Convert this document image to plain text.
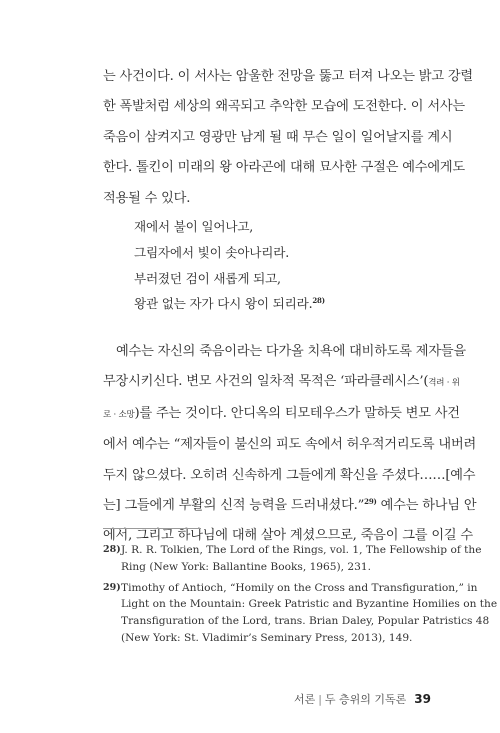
는 사건이다. 이 서사는 암울한 전망을 뚫고 터져 나오는 밝고 강렬
한 폭발처럼 세상의 왜곡되고 추악한 모습에 도전한다. 이 서사는
죽음이 삼켜지고 영광만 남게 될 때 무슨 일이 일어날지를 계시
한다. 톨킨이 미래의 왕 아라곤에 대해 묘사한 구절은 예수에게도
적용될 수 있다.
재에서 불이 일어나고,
그림자에서 빛이 솟아나리라.
부러졌던 검이 새롭게 되고,
왕관 없는 자가 다시 왕이 되리라.$^{28)}$
 예수는 자신의 죽음이라는 다가올 치욕에 대비하도록 제자들을
무장시키신다. 변모 사건의 일차적 목적은 ‘파라클레시스’(격려 · 위
로 · 소망)를 주는 것이다. 안디옥의 티모테우스가 말하듯 변모 사건
에서 예수는 “제자들이 불신의 피도 속에서 허우적거리도록 내버려
두지 않으셨다. 오히려 신속하게 그들에게 확신을 주셨다……[예수
는] 그들에게 부활의 신적 능력을 드러내셨다.”$^{29)}$ 예수는 하나님 안
에서, 그리고 하나님에 대해 살아 계셨으므로, 죽음이 그를 이길 수
28) J. R. R. Tolkien, The Lord of the Rings, vol. 1, The Fellowship of the
Ring (New York: Ballantine Books, 1965), 231.
29) Timothy of Antioch, “Homily on the Cross and Transfiguration,” in
Light on the Mountain: Greek Patristic and Byzantine Homilies on the
Transfiguration of the Lord, trans. Brian Daley, Popular Patristics 48
(New York: St. Vladimir’s Seminary Press, 2013), 149.
서론 | 두 층위의 기독론 39
